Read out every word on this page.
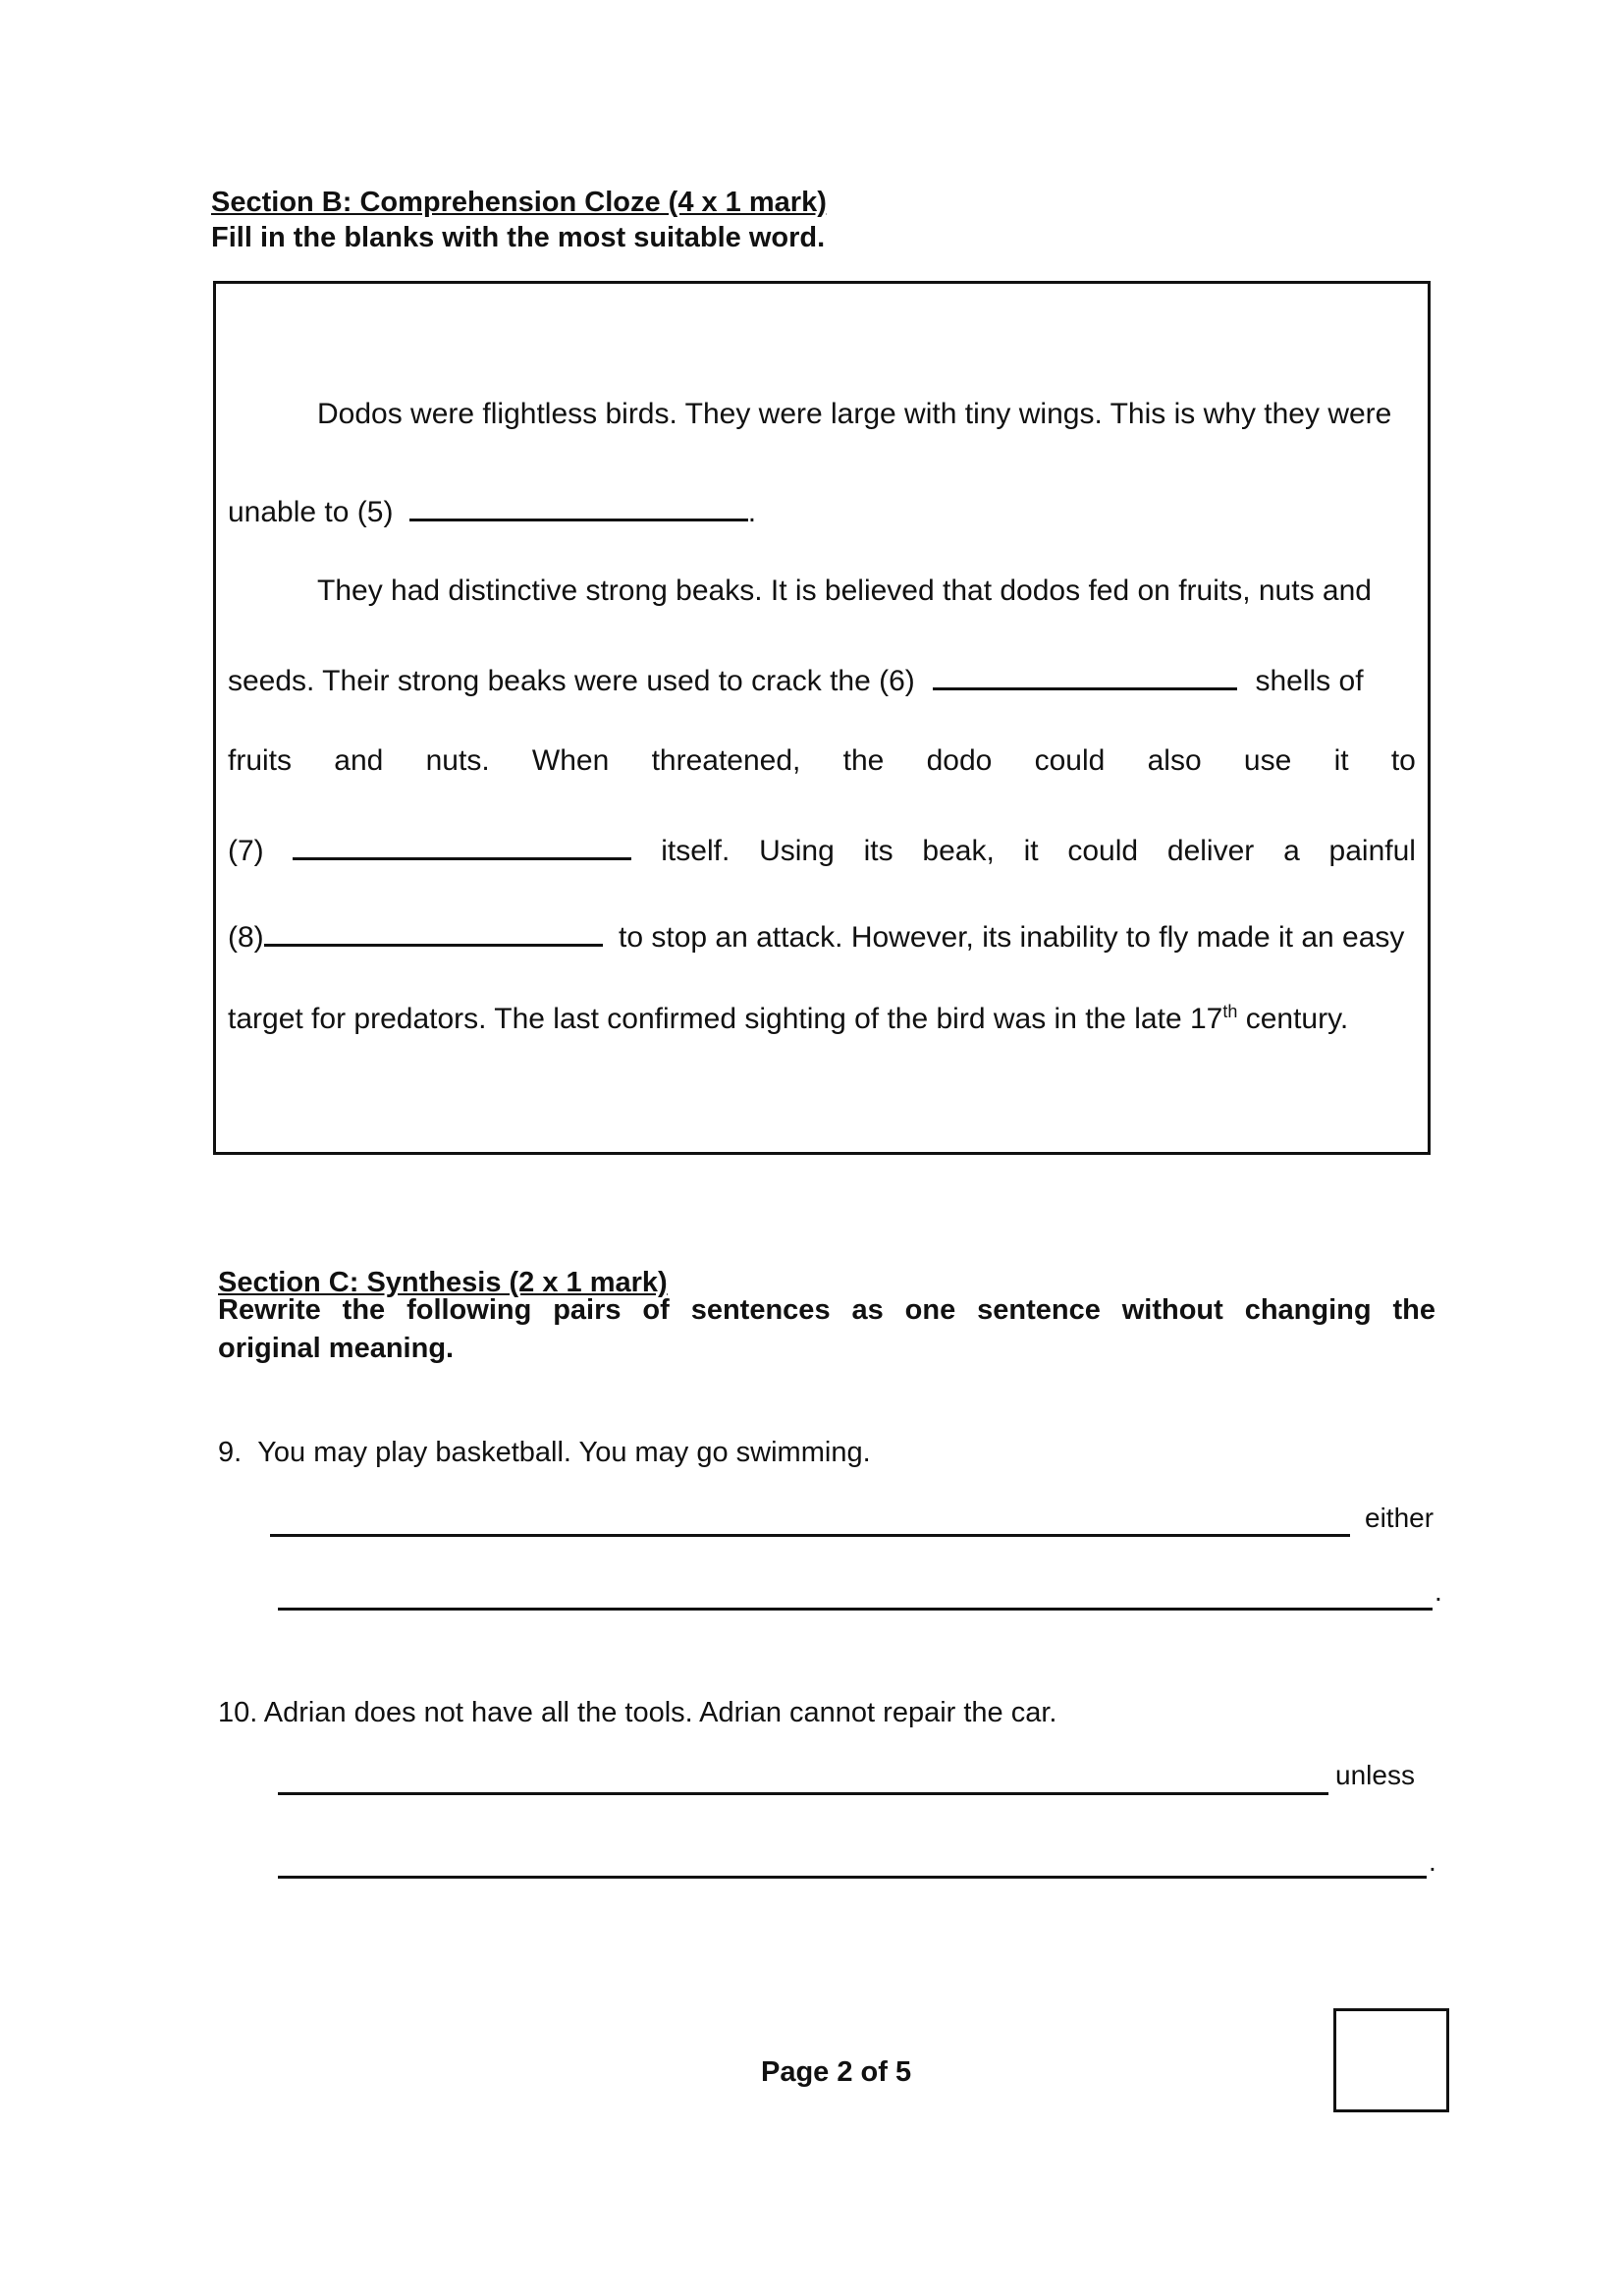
Section B: Comprehension Cloze (4 x 1 mark)
Fill in the blanks with the most suitable word.
Dodos were flightless birds. They were large with tiny wings. This is why they were
unable to (5)	.
They had distinctive strong beaks. It is believed that dodos fed on fruits, nuts and
seeds. Their strong beaks were used to crack the (6)	shells of
fruits and nuts. When threatened, the dodo could also use it to
(7)	itself. Using its beak, it could deliver a painful
(8)	to stop an attack. However, its inability to fly made it an easy
target for predators. The last confirmed sighting of the bird was in the late 17th century.
Section C: Synthesis (2 x 1 mark)
Rewrite the following pairs of sentences as one sentence without changing the
original meaning.
9. You may play basketball. You may go swimming.
either
.
10. Adrian does not have all the tools. Adrian cannot repair the car.
unless
.
Page 2 of 5
